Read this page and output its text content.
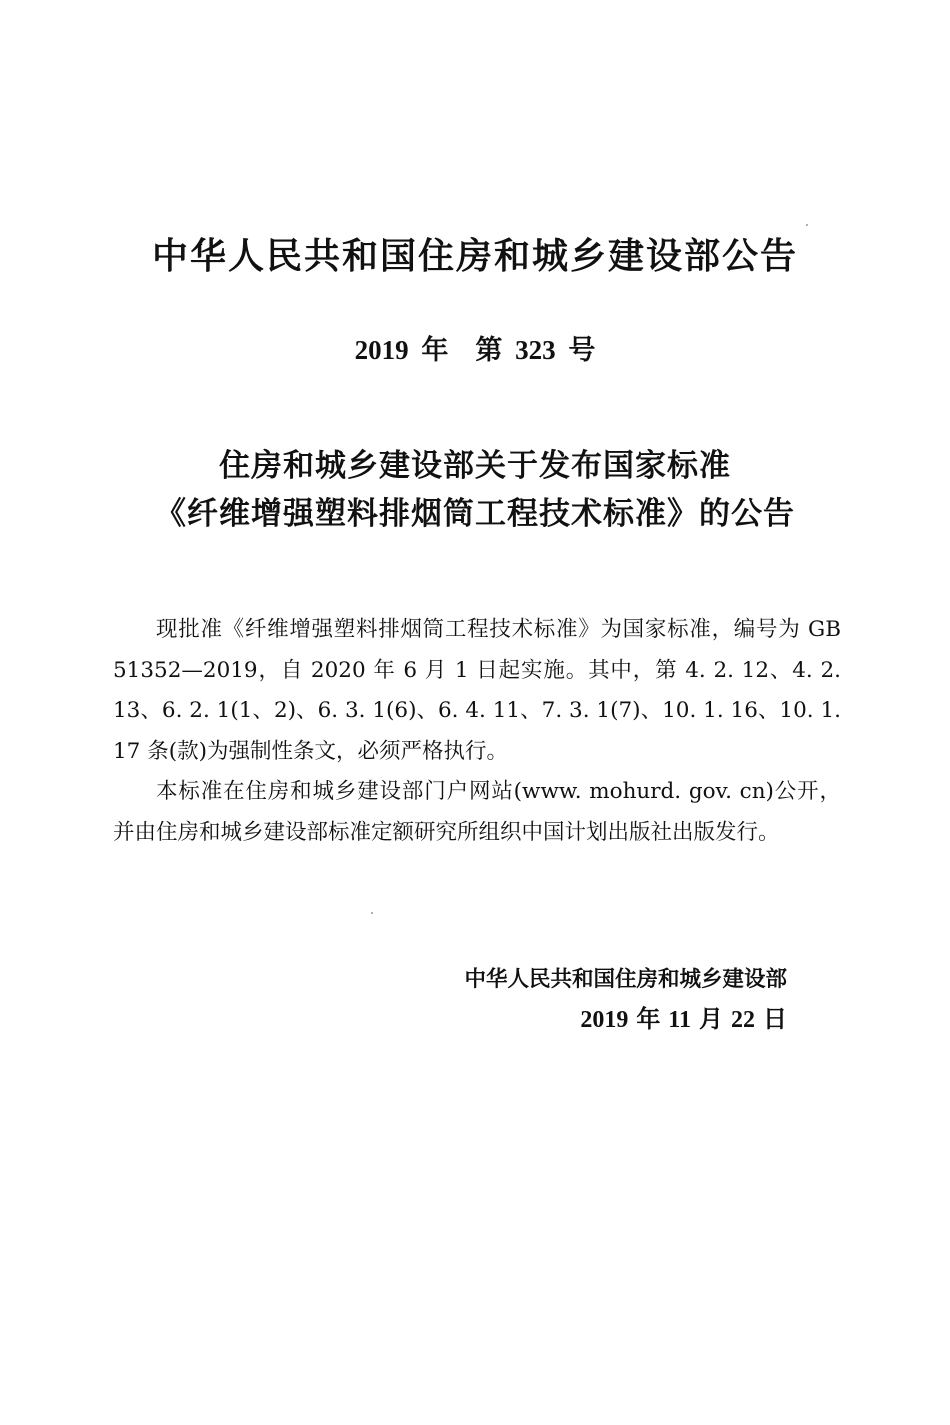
中华人民共和国住房和城乡建设部公告
2019 年　第 323 号
住房和城乡建设部关于发布国家标准
《纤维增强塑料排烟筒工程技术标准》的公告

现批准《纤维增强塑料排烟筒工程技术标准》为国家标准，编号为 GB 51352—2019，自 2020 年 6 月 1 日起实施。其中，第 4. 2. 12、4. 2. 13、6. 2. 1(1、2)、6. 3. 1(6)、6. 4. 11、7. 3. 1(7)、10. 1. 16、10. 1. 17 条(款)为强制性条文，必须严格执行。

本标准在住房和城乡建设部门户网站(www. mohurd. gov. cn)公开，并由住房和城乡建设部标准定额研究所组织中国计划出版社出版发行。

中华人民共和国住房和城乡建设部
2019 年 11 月 22 日
